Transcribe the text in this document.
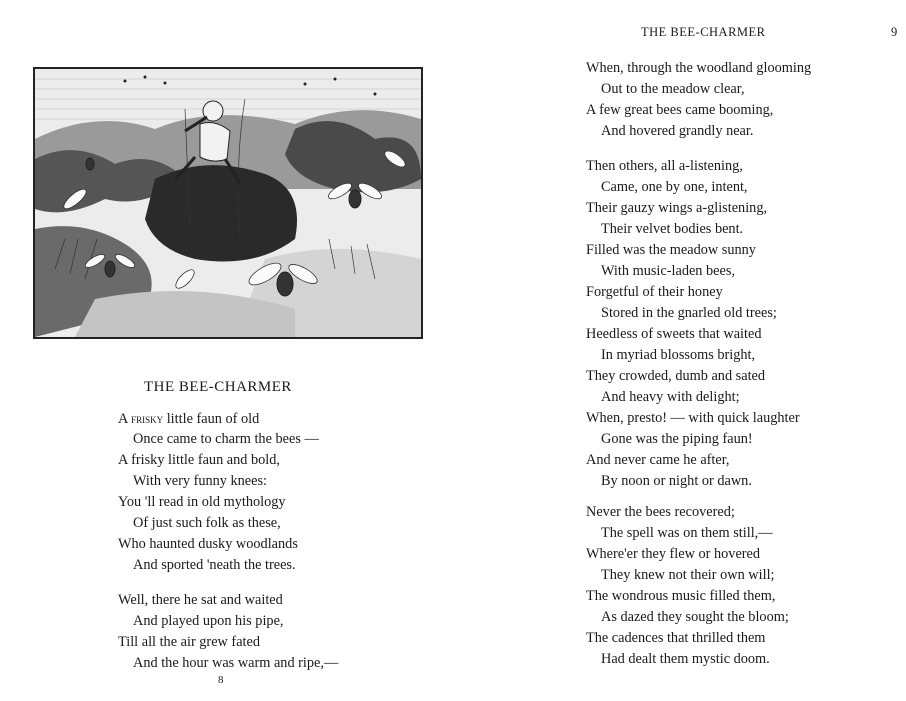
THE BEE-CHARMER
A frisky little faun of old
Once came to charm the bees —
A frisky little faun and bold,
With very funny knees:
You 'll read in old mythology
Of just such folk as these,
Who haunted dusky woodlands
And sported 'neath the trees.
Well, there he sat and waited
And played upon his pipe,
Till all the air grew fated
And the hour was warm and ripe,—
8
THE BEE-CHARMER	9
When, through the woodland glooming
Out to the meadow clear,
A few great bees came booming,
And hovered grandly near.
Then others, all a-listening,
Came, one by one, intent,
Their gauzy wings a-glistening,
Their velvet bodies bent.
Filled was the meadow sunny
With music-laden bees,
Forgetful of their honey
Stored in the gnarled old trees;
Heedless of sweets that waited
In myriad blossoms bright,
They crowded, dumb and sated
And heavy with delight;
When, presto! — with quick laughter
Gone was the piping faun!
And never came he after,
By noon or night or dawn.
Never the bees recovered;
The spell was on them still,—
Where'er they flew or hovered
They knew not their own will;
The wondrous music filled them,
As dazed they sought the bloom;
The cadences that thrilled them
Had dealt them mystic doom.
